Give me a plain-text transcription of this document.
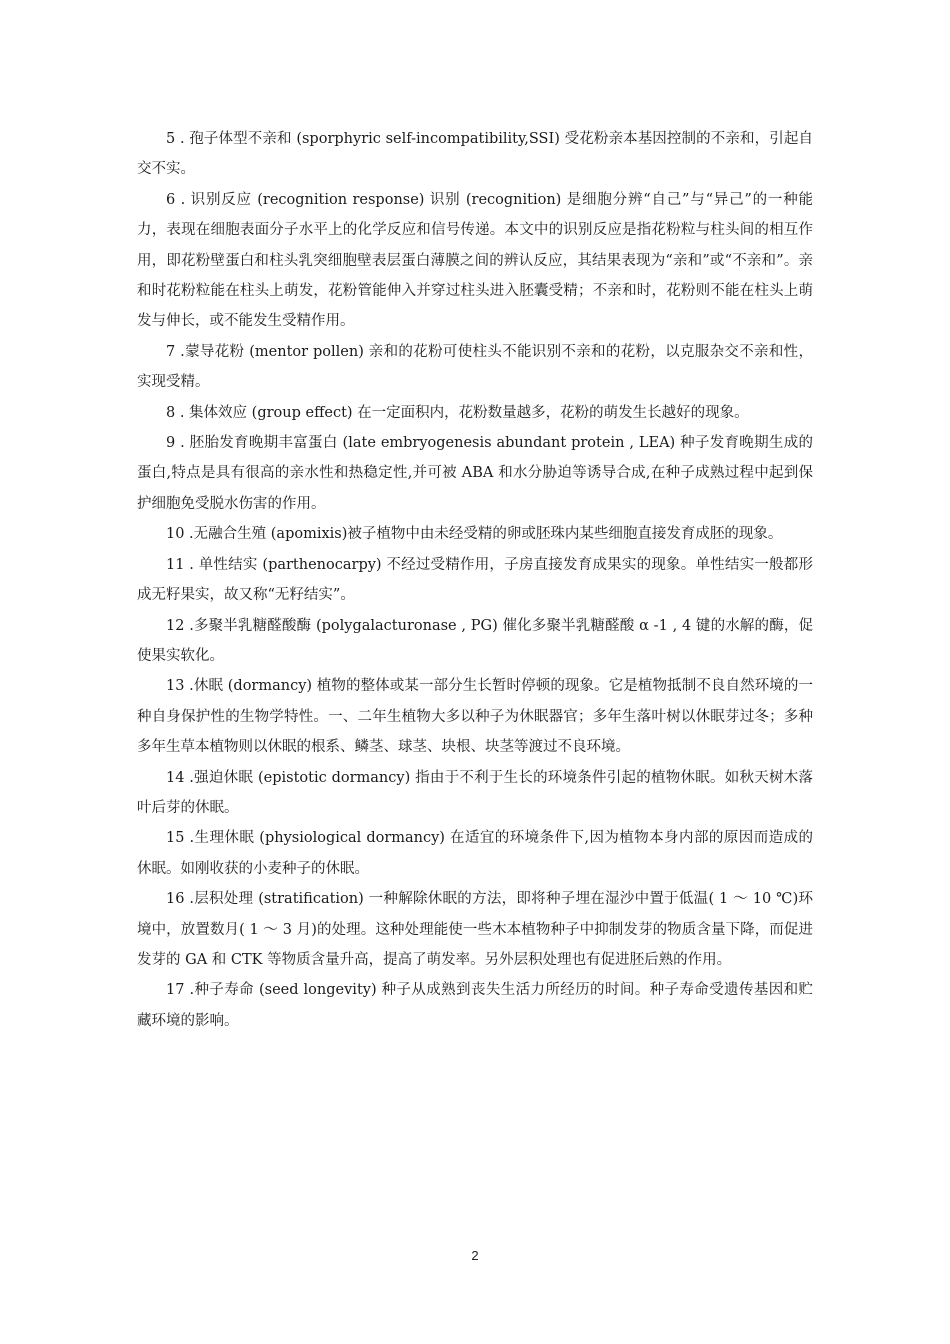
5 . 孢子体型不亲和 (sporphyric self-incompatibility,SSI) 受花粉亲本基因控制的不亲和，引起自交不实。

6 . 识别反应 (recognition response) 识别 (recognition) 是细胞分辨“自己”与“异己”的一种能力，表现在细胞表面分子水平上的化学反应和信号传递。本文中的识别反应是指花粉粒与柱头间的相互作用，即花粉壁蛋白和柱头乳突细胞壁表层蛋白薄膜之间的辨认反应，其结果表现为“亲和”或“不亲和”。亲和时花粉粒能在柱头上萌发，花粉管能伸入并穿过柱头进入胚囊受精；不亲和时，花粉则不能在柱头上萌发与伸长，或不能发生受精作用。

7 .蒙导花粉 (mentor pollen) 亲和的花粉可使柱头不能识别不亲和的花粉，以克服杂交不亲和性，实现受精。

8 . 集体效应 (group effect) 在一定面积内，花粉数量越多，花粉的萌发生长越好的现象。

9 . 胚胎发育晚期丰富蛋白 (late embryogenesis abundant protein , LEA) 种子发育晚期生成的蛋白,特点是具有很高的亲水性和热稳定性,并可被 ABA 和水分胁迫等诱导合成,在种子成熟过程中起到保护细胞免受脱水伤害的作用。

10 .无融合生殖 (apomixis)被子植物中由未经受精的卵或胚珠内某些细胞直接发育成胚的现象。

11 . 单性结实 (parthenocarpy) 不经过受精作用，子房直接发育成果实的现象。单性结实一般都形成无籽果实，故又称“无籽结实”。

12 .多聚半乳糖醛酸酶 (polygalacturonase , PG) 催化多聚半乳糖醛酸 α -1 , 4 键的水解的酶，促使果实软化。

13 .休眠 (dormancy) 植物的整体或某一部分生长暂时停顿的现象。它是植物抵制不良自然环境的一种自身保护性的生物学特性。一、二年生植物大多以种子为休眠器官；多年生落叶树以休眠芽过冬；多种多年生草本植物则以休眠的根系、鳞茎、球茎、块根、块茎等渡过不良环境。

14 .强迫休眠 (epistotic dormancy) 指由于不利于生长的环境条件引起的植物休眠。如秋天树木落叶后芽的休眠。

15 .生理休眠 (physiological dormancy) 在适宜的环境条件下,因为植物本身内部的原因而造成的休眠。如刚收获的小麦种子的休眠。

16 .层积处理 (stratification) 一种解除休眠的方法，即将种子埋在湿沙中置于低温( 1 ～ 10 ℃)环境中，放置数月( 1 ～ 3 月)的处理。这种处理能使一些木本植物种子中抑制发芽的物质含量下降，而促进发芽的 GA 和 CTK 等物质含量升高，提高了萌发率。另外层积处理也有促进胚后熟的作用。

17 .种子寿命 (seed longevity) 种子从成熟到丧失生活力所经历的时间。种子寿命受遗传基因和贮藏环境的影响。

2
